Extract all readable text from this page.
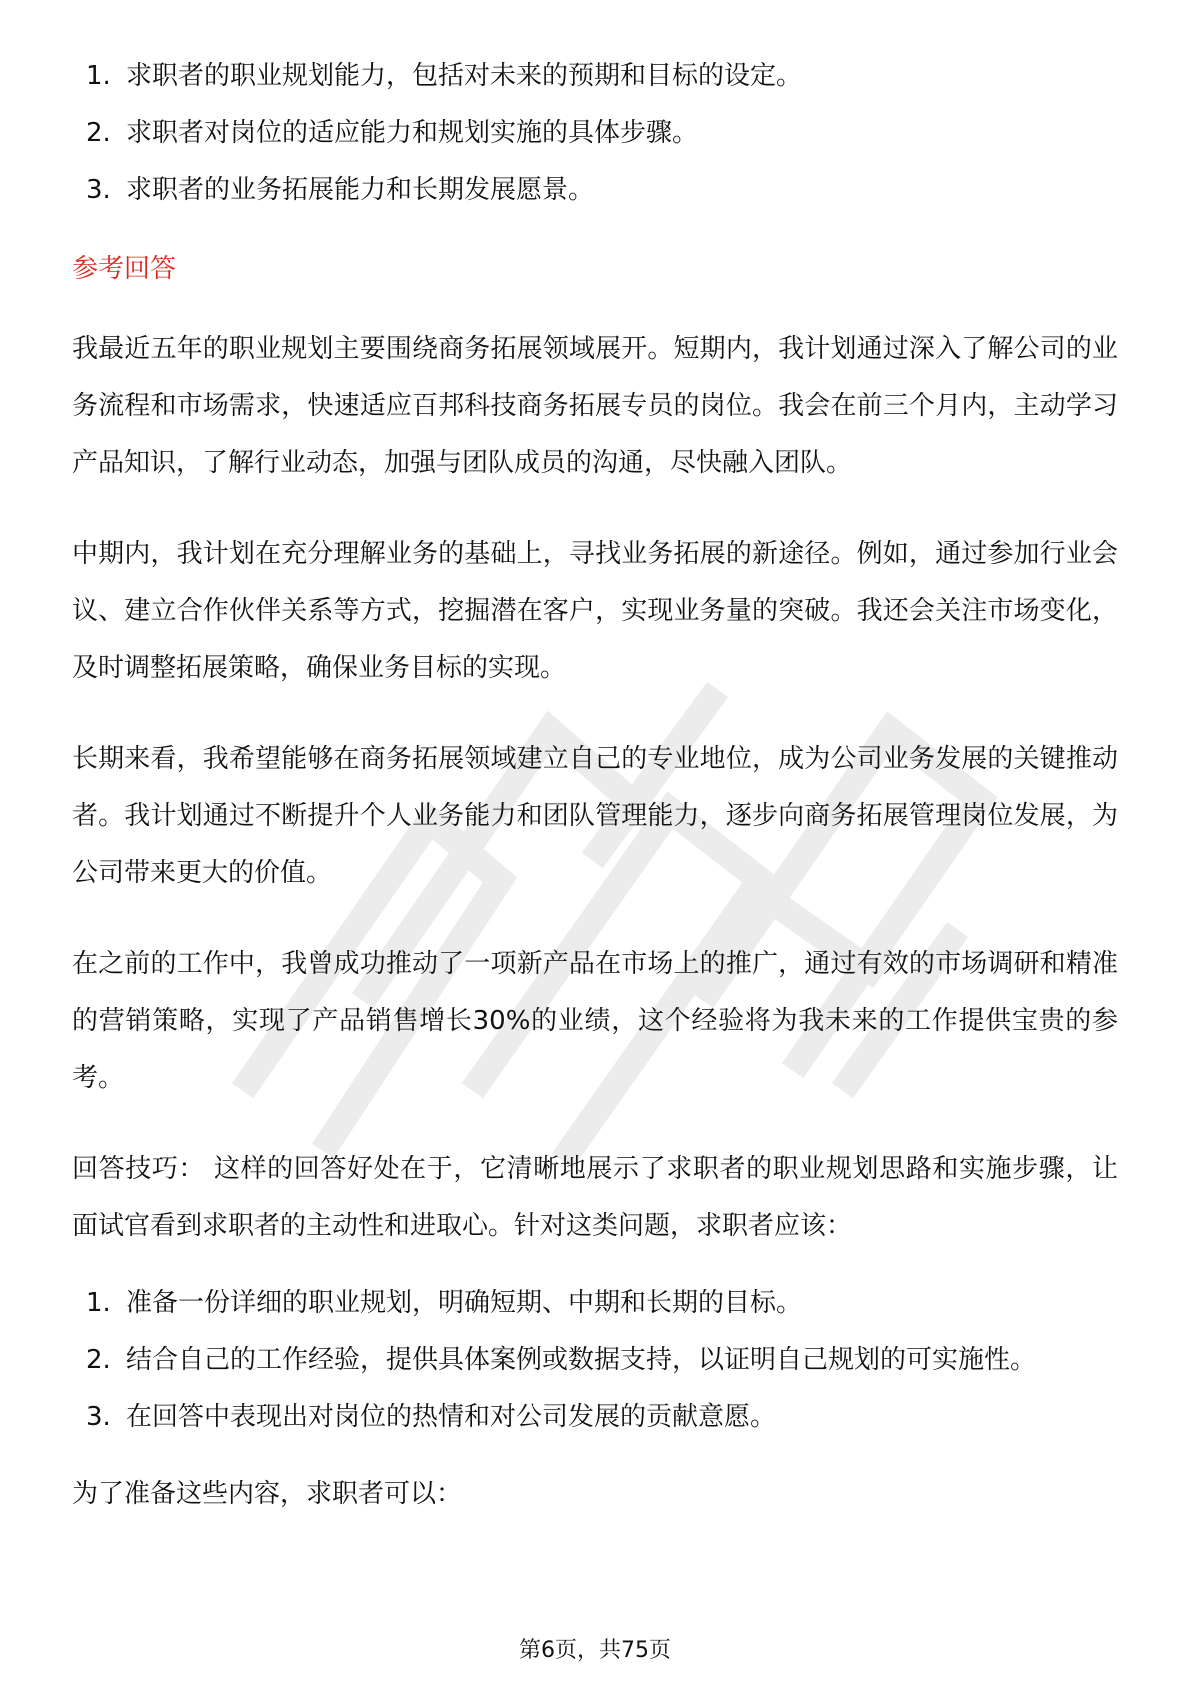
1. 求职者的职业规划能力，包括对未来的预期和目标的设定。
2. 求职者对岗位的适应能力和规划实施的具体步骤。
3. 求职者的业务拓展能力和长期发展愿景。
参考回答

我最近五年的职业规划主要围绕商务拓展领域展开。短期内，我计划通过深入了解公司的业务流程和市场需求，快速适应百邦科技商务拓展专员的岗位。我会在前三个月内，主动学习产品知识，了解行业动态，加强与团队成员的沟通，尽快融入团队。

中期内，我计划在充分理解业务的基础上，寻找业务拓展的新途径。例如，通过参加行业会议、建立合作伙伴关系等方式，挖掘潜在客户，实现业务量的突破。我还会关注市场变化，及时调整拓展策略，确保业务目标的实现。

长期来看，我希望能够在商务拓展领域建立自己的专业地位，成为公司业务发展的关键推动者。我计划通过不断提升个人业务能力和团队管理能力，逐步向商务拓展管理岗位发展，为公司带来更大的价值。

在之前的工作中，我曾成功推动了一项新产品在市场上的推广，通过有效的市场调研和精准的营销策略，实现了产品销售增长30%的业绩，这个经验将为我未来的工作提供宝贵的参考。

回答技巧： 这样的回答好处在于，它清晰地展示了求职者的职业规划思路和实施步骤，让面试官看到求职者的主动性和进取心。针对这类问题，求职者应该：

1. 准备一份详细的职业规划，明确短期、中期和长期的目标。
2. 结合自己的工作经验，提供具体案例或数据支持，以证明自己规划的可实施性。
3. 在回答中表现出对岗位的热情和对公司发展的贡献意愿。

为了准备这些内容，求职者可以：

第6页，共75页
